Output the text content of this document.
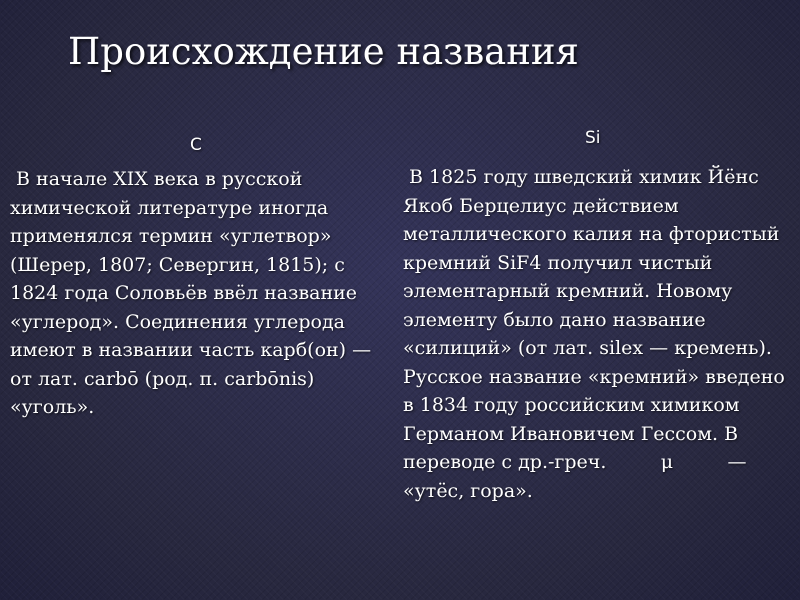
Происхождение названия
C

В начале XIX века в русской химической литературе иногда применялся термин «углетвор» (Шерер, 1807; Севергин, 1815); с 1824 года Соловьёв ввёл название «углерод». Соединения углерода имеют в названии часть карб(он) — от лат. carbō (род. п. carbōnis) «уголь».

Si

В 1825 году шведский химик Йёнс Якоб Берцелиус действием металлического калия на фтористый кремний SiF4 получил чистый элементарный кремний. Новому элементу было дано название «силиций» (от лат. silex — кремень). Русское название «кремний» введено в 1834 году российским химиком Германом Ивановичем Гессом. В переводе с др.-греч.         μ         — «утёс, гора».
